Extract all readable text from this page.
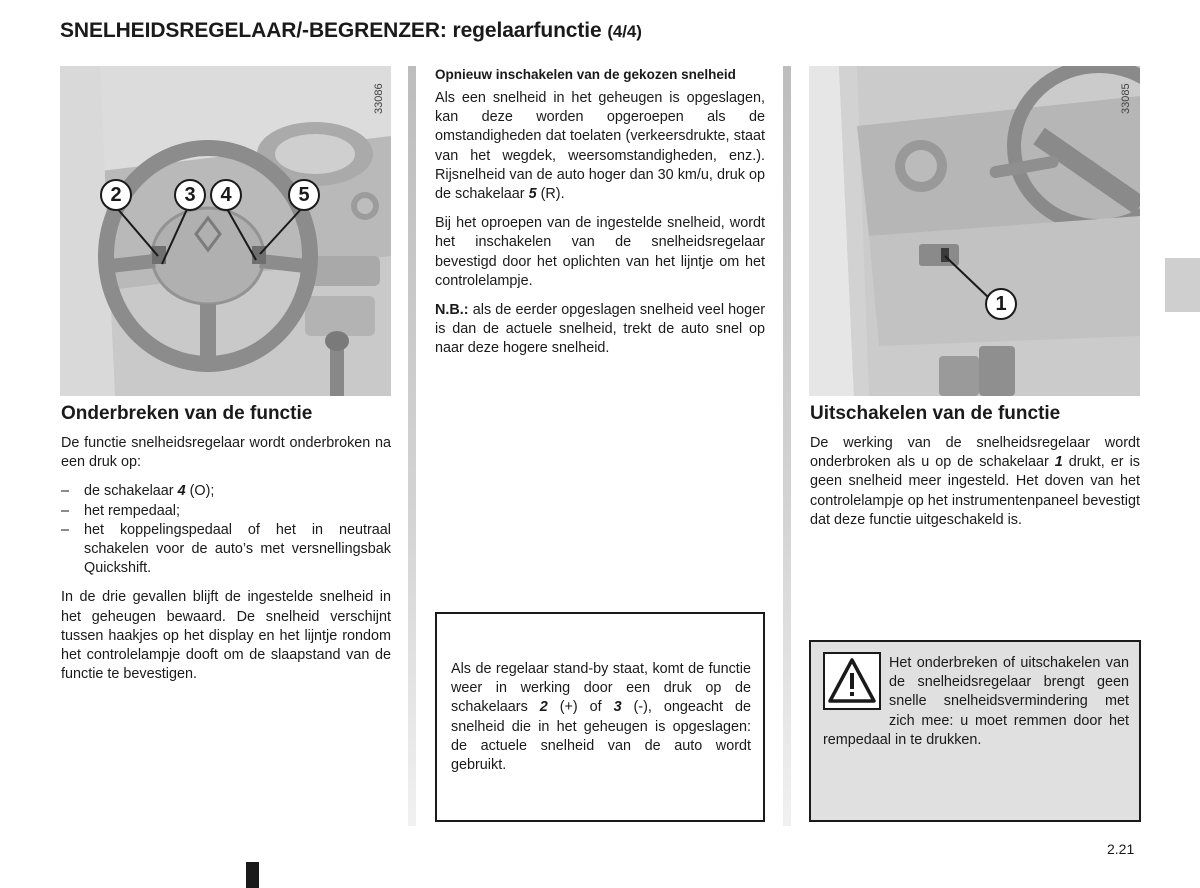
SNELHEIDSREGELAAR/-BEGRENZER: regelaarfunctie (4/4)
2	3	4	5
33086
Onderbreken van de functie

De functie snelheidsregelaar wordt onderbroken na een druk op:

– de schakelaar 4 (O);
– het rempedaal;
– het koppelingspedaal of het in neutraal schakelen voor de auto’s met versnellingsbak Quickshift.

In de drie gevallen blijft de ingestelde snelheid in het geheugen bewaard. De snelheid verschijnt tussen haakjes op het display en het lijntje rondom het controlelampje dooft om de slaapstand van de functie te bevestigen.

Opnieuw inschakelen van de gekozen snelheid

Als een snelheid in het geheugen is opgeslagen, kan deze worden opgeroepen als de omstandigheden dat toelaten (verkeersdrukte, staat van het wegdek, weersomstandigheden, enz.). Rijsnelheid van de auto hoger dan 30 km/u, druk op de schakelaar 5 (R).

Bij het oproepen van de ingestelde snelheid, wordt het inschakelen van de snelheidsregelaar bevestigd door het oplichten van het lijntje om het controlelampje.

N.B.: als de eerder opgeslagen snelheid veel hoger is dan de actuele snelheid, trekt de auto snel op naar deze hogere snelheid.

Als de regelaar stand-by staat, komt de functie weer in werking door een druk op de schakelaars 2 (+) of 3 (-), ongeacht de snelheid die in het geheugen is opgeslagen: de actuele snelheid van de auto wordt gebruikt.
1
33085
Uitschakelen van de functie

De werking van de snelheidsregelaar wordt onderbroken als u op de schakelaar 1 drukt, er is geen snelheid meer ingesteld. Het doven van het controlelampje op het instrumentenpaneel bevestigt dat deze functie uitgeschakeld is.

Het onderbreken of uitschakelen van de snelheidsregelaar brengt geen snelle snelheidsvermindering met zich mee: u moet remmen door het rempedaal in te drukken.
2.21
